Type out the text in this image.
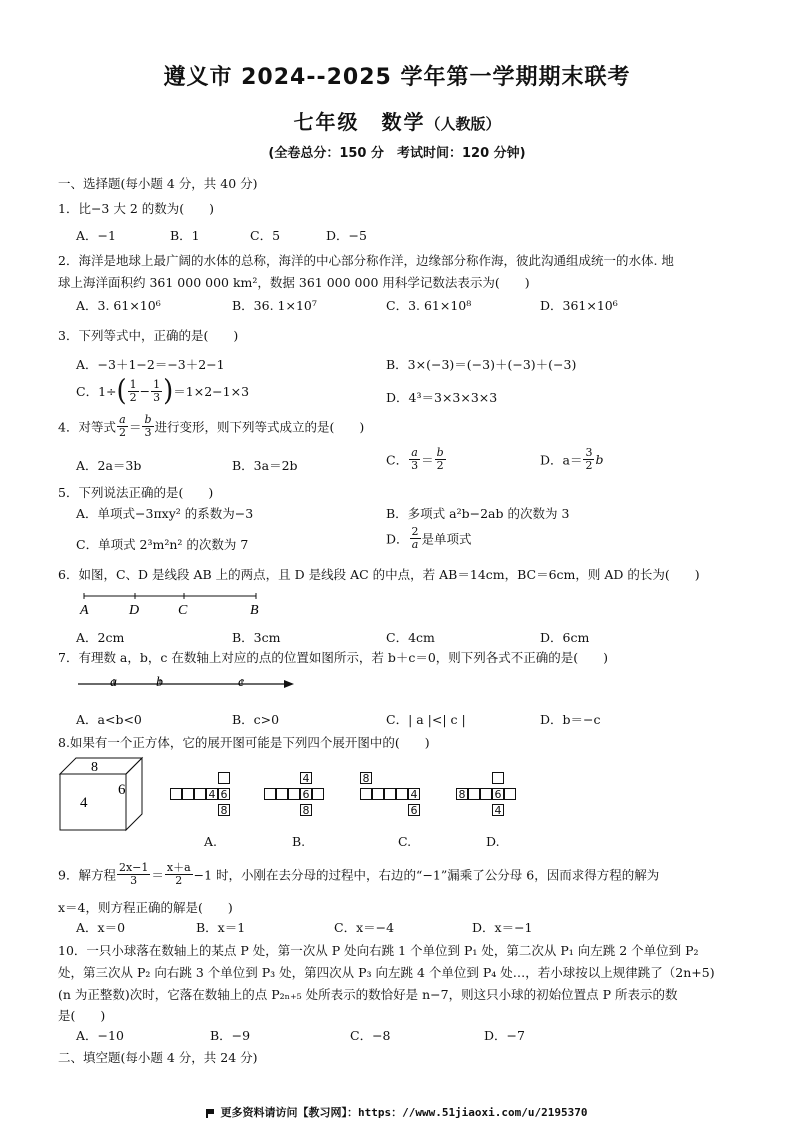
遵义市 2024--2025 学年第一学期期末联考
七年级　数学（人教版）
(全卷总分：150 分　考试时间：120 分钟)
一、选择题(每小题 4 分，共 40 分)
1．比−3 大 2 的数为(　　)
A．−1	B．1	C．5	D．−5
2．海洋是地球上最广阔的水体的总称，海洋的中心部分称作洋，边缘部分称作海，彼此沟通组成统一的水体. 地
球上海洋面积约 361 000 000 km²，数据 361 000 000 用科学记数法表示为(　　)
A．3. 61×10⁶	B．36. 1×10⁷	C．3. 61×10⁸	D．361×10⁶
3．下列等式中，正确的是(　　)
A．−3＋1−2＝−3＋2−1	B．3×(−3)＝(−3)＋(−3)＋(−3)
C．$1\div( \frac{1}{2} - \frac{1}{3} )=1\times 2-1\times 3$	D．4³＝3×3×3×3
4．对等式 $\frac{a}{2} = \frac{b}{3}$ 进行变形，则下列等式成立的是(　　)
A．2a＝3b	B．3a＝2b	C． $\frac{a}{3} = \frac{b}{2}$	D．$a= \frac{3}{2}$ b
5．下列说法正确的是(　　)
A．单项式−3πxy² 的系数为−3	B．多项式 a²b−2ab 的次数为 3
C．单项式 2³m²n² 的次数为 7	D． $\frac{2}{a}$ 是单项式
6．如图，C、D 是线段 AB 上的两点，且 D 是线段 AC 的中点，若 AB＝14cm，BC＝6cm，则 AD 的长为(　　)
A	D	C	B
A．2cm	B．3cm	C．4cm	D．6cm
7．有理数 a，b，c 在数轴上对应的点的位置如图所示，若 b＋c＝0，则下列各式不正确的是(　　)
a	b	c
A．a<b<0	B．c>0	C．| a |<| c |	D．b＝−c
8.如果有一个正方体，它的展开图可能是下列四个展开图中的(　　)
8
4
6	4 6
8
A.
6
4
8
B.
8
4
6
C.
8	6
4
D.
9．解方程 $\frac{2x-1}{3} = \frac{x+a}{2} -1$ 时，小刚在去分母的过程中，右边的“−1”漏乘了公分母 6，因而求得方程的解为
x＝4，则方程正确的解是(　　)
A．x＝0	B．x＝1	C．x＝−4	D．x＝−1
10．一只小球落在数轴上的某点 P 处，第一次从 P 处向右跳 1 个单位到 P₁ 处，第二次从 P₁ 向左跳 2 个单位到 P₂
处，第三次从 P₂ 向右跳 3 个单位到 P₃ 处，第四次从 P₃ 向左跳 4 个单位到 P₄ 处…，若小球按以上规律跳了（2n+5)
(n 为正整数)次时，它落在数轴上的点 P₂ₙ₊₅ 处所表示的数恰好是 n−7，则这只小球的初始位置点 P 所表示的数
是(　　)
A．−10	B．−9	C．−8	D．−7
二、填空题(每小题 4 分，共 24 分)
更多资料请访问【教习网】：https：//www.51jiaoxi.com/u/2195370
